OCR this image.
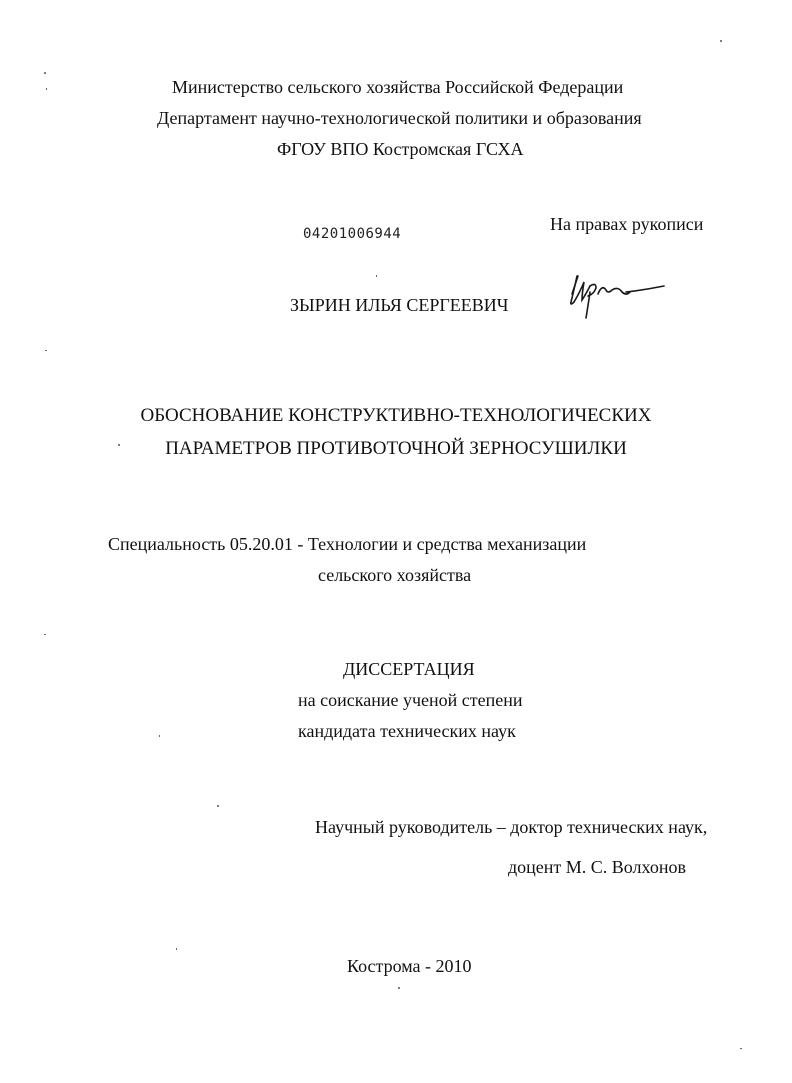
Министерство сельского хозяйства Российской Федерации
Департамент научно-технологической политики и образования
ФГОУ ВПО Костромская ГСХА
04201006944	На правах рукописи
ЗЫРИН ИЛЬЯ СЕРГЕЕВИЧ
ОБОСНОВАНИЕ КОНСТРУКТИВНО-ТЕХНОЛОГИЧЕСКИХ
ПАРАМЕТРОВ ПРОТИВОТОЧНОЙ ЗЕРНОСУШИЛКИ
Специальность 05.20.01 - Технологии и средства механизации
сельского хозяйства
ДИССЕРТАЦИЯ
на соискание ученой степени
кандидата технических наук
Научный руководитель – доктор технических наук,
доцент М. С. Волхонов
Кострома - 2010
